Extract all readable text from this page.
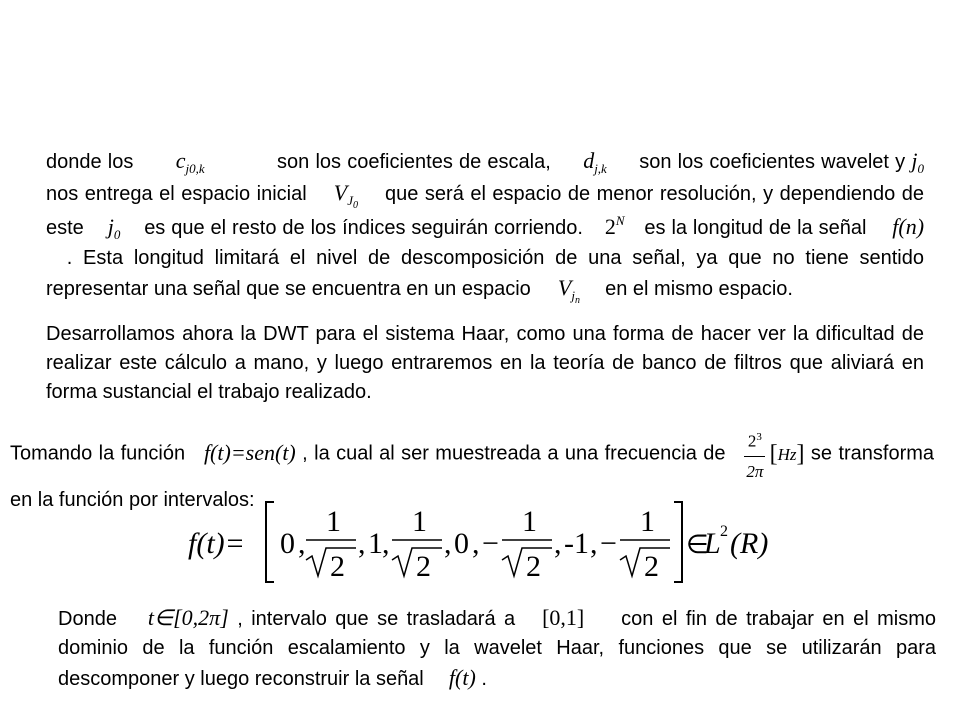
donde los $c_{j0,k}$	son los coeficientes de escala, $d_{j,k}$ son los coeficientes wavelet y $j_0$ nos entrega el espacio inicial $V_{J0}$  que será el espacio de menor resolución, y dependiendo de este $j_0$ es que el resto de los índices seguirán corriendo. $2^N$ es la longitud de la señal f(n)  . Esta longitud limitará el nivel de descomposición de una señal, ya que no tiene sentido representar una señal que se encuentra en un espacio $V_{jn}$  en el mismo espacio.
Desarrollamos ahora la DWT para el sistema Haar, como una forma de hacer ver la dificultad de realizar este cálculo a mano, y luego entraremos en la teoría de banco de filtros que aliviará en forma sustancial el trabajo realizado.
Tomando la función f(t)=sen(t) , la cual al ser muestreada a una frecuencia de $\frac{2^3}{2\pi} [Hz]$ se transforma en la función por intervalos:
f(t)= 0 ,
1
2
, 1 ,
1
2
, 0 , −
1
2
, -1 , −
1
2
∈
L 2 (R)
Donde t∈[0,2π] , intervalo que se trasladará a [0,1] con el fin de trabajar en el mismo dominio de la función escalamiento y la wavelet Haar, funciones que se utilizarán para descomponer y luego reconstruir la señal f(t) .
